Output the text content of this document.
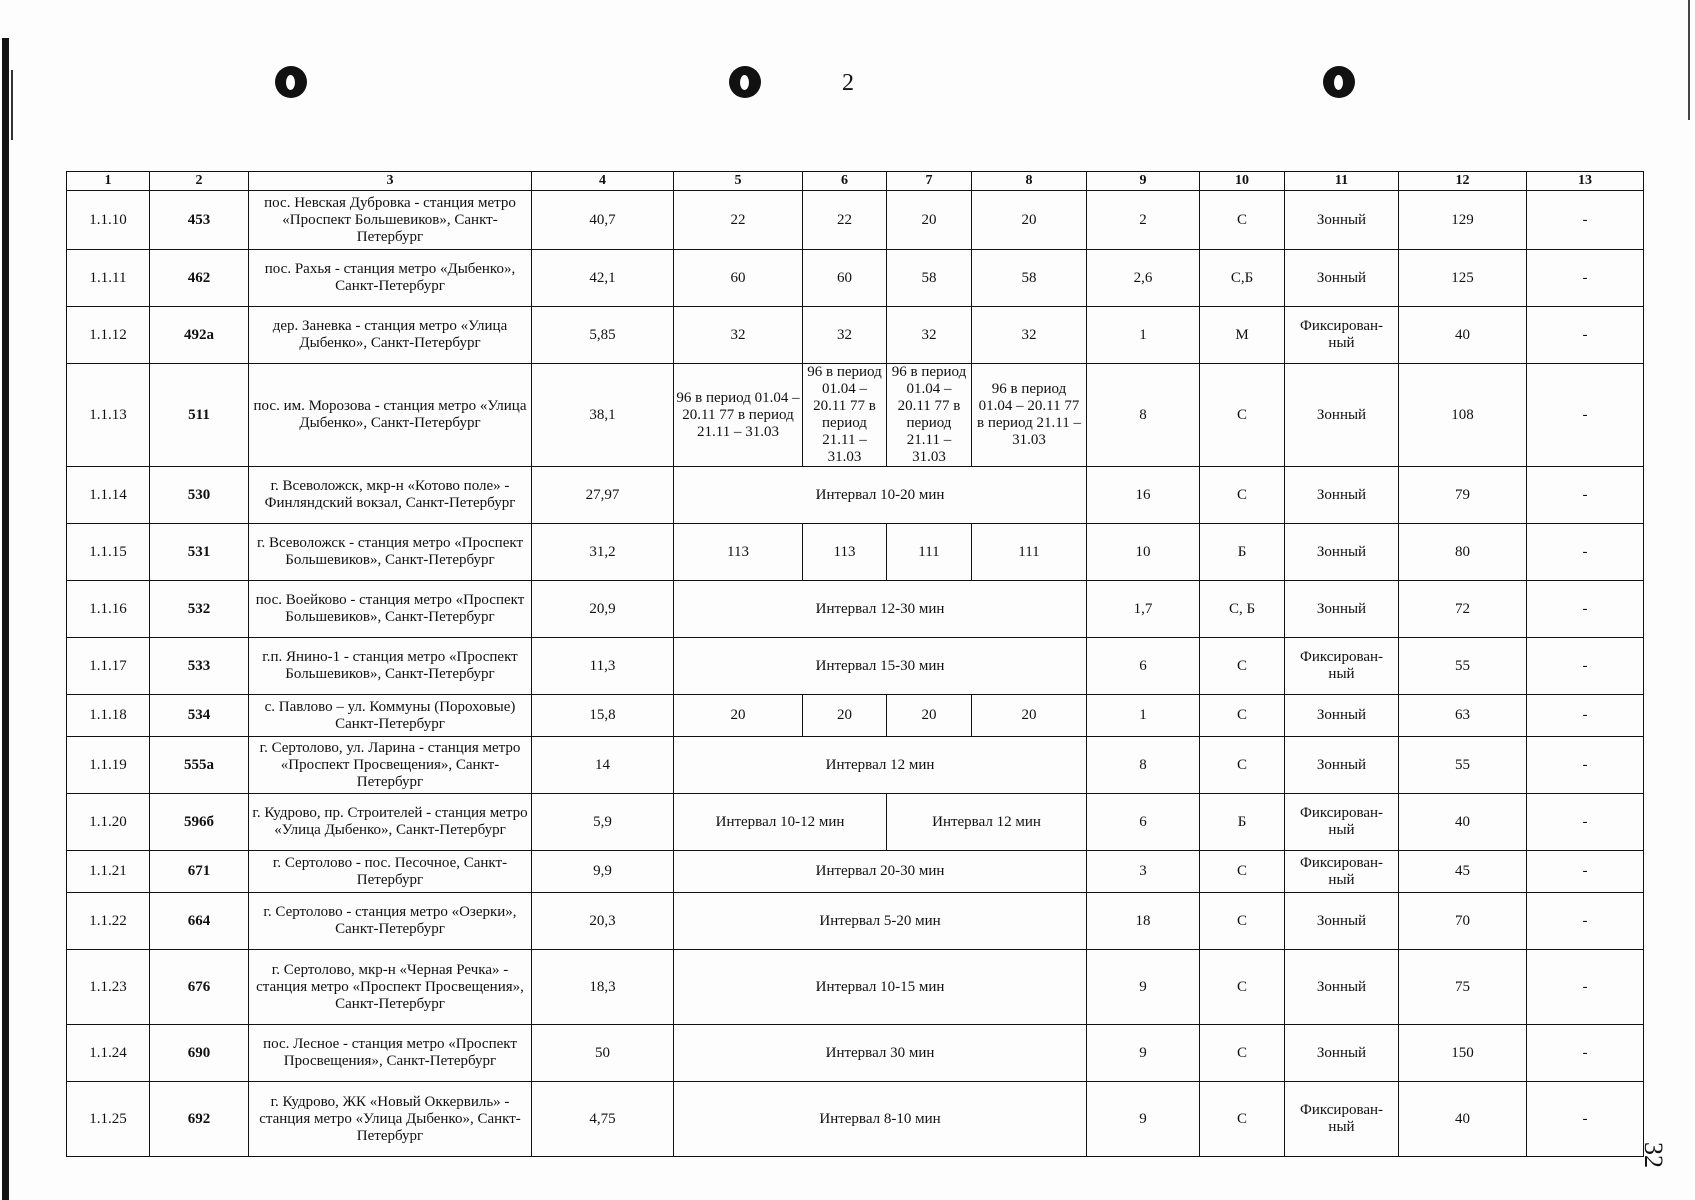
2
32
1	2	3	4	5	6	7	8	9	10	11	12	13
1.1.10	453	пос. Невская Дубровка - станция метро «Проспект Большевиков», Санкт-Петербург	40,7	22	22	20	20	2	С	Зонный	129	-
1.1.11	462	пос. Рахья - станция метро «Дыбенко», Санкт-Петербург	42,1	60	60	58	58	2,6	С,Б	Зонный	125	-
1.1.12	492а	дер. Заневка - станция метро «Улица Дыбенко», Санкт-Петербург	5,85	32	32	32	32	1	М	Фиксирован-ный	40	-
1.1.13	511	пос. им. Морозова - станция метро «Улица Дыбенко», Санкт-Петербург	38,1	96 в период 01.04 – 20.11 77 в период 21.11 – 31.03	96 в период 01.04 – 20.11 77 в период 21.11 – 31.03	96 в период 01.04 – 20.11 77 в период 21.11 – 31.03	96 в период 01.04 – 20.11 77 в период 21.11 – 31.03	8	С	Зонный	108	-
1.1.14	530	г. Всеволожск, мкр-н «Котово поле» - Финляндский вокзал, Санкт-Петербург	27,97	Интервал 10-20 мин				16	С	Зонный	79	-
1.1.15	531	г. Всеволожск - станция метро «Проспект Большевиков», Санкт-Петербург	31,2	113	113	111	111	10	Б	Зонный	80	-
1.1.16	532	пос. Воейково - станция метро «Проспект Большевиков», Санкт-Петербург	20,9	Интервал 12-30 мин				1,7	С, Б	Зонный	72	-
1.1.17	533	г.п. Янино-1 - станция метро «Проспект Большевиков», Санкт-Петербург	11,3	Интервал 15-30 мин				6	С	Фиксирован-ный	55	-
1.1.18	534	с. Павлово – ул. Коммуны (Пороховые) Санкт-Петербург	15,8	20	20	20	20	1	С	Зонный	63	-
1.1.19	555а	г. Сертолово, ул. Ларина - станция метро «Проспект Просвещения», Санкт-Петербург	14	Интервал 12 мин				8	С	Зонный	55	-
1.1.20	596б	г. Кудрово, пр. Строителей - станция метро «Улица Дыбенко», Санкт-Петербург	5,9	Интервал 10-12 мин		Интервал 12 мин		6	Б	Фиксирован-ный	40	-
1.1.21	671	г. Сертолово - пос. Песочное, Санкт-Петербург	9,9	Интервал 20-30 мин				3	С	Фиксирован-ный	45	-
1.1.22	664	г. Сертолово - станция метро «Озерки», Санкт-Петербург	20,3	Интервал 5-20 мин				18	С	Зонный	70	-
1.1.23	676	г. Сертолово, мкр-н «Черная Речка» - станция метро «Проспект Просвещения», Санкт-Петербург	18,3	Интервал 10-15 мин				9	С	Зонный	75	-
1.1.24	690	пос. Лесное - станция метро «Проспект Просвещения», Санкт-Петербург	50	Интервал 30 мин				9	С	Зонный	150	-
1.1.25	692	г. Кудрово, ЖК «Новый Оккервиль» - станция метро «Улица Дыбенко», Санкт-Петербург	4,75	Интервал 8-10 мин				9	С	Фиксирован-ный	40	-
